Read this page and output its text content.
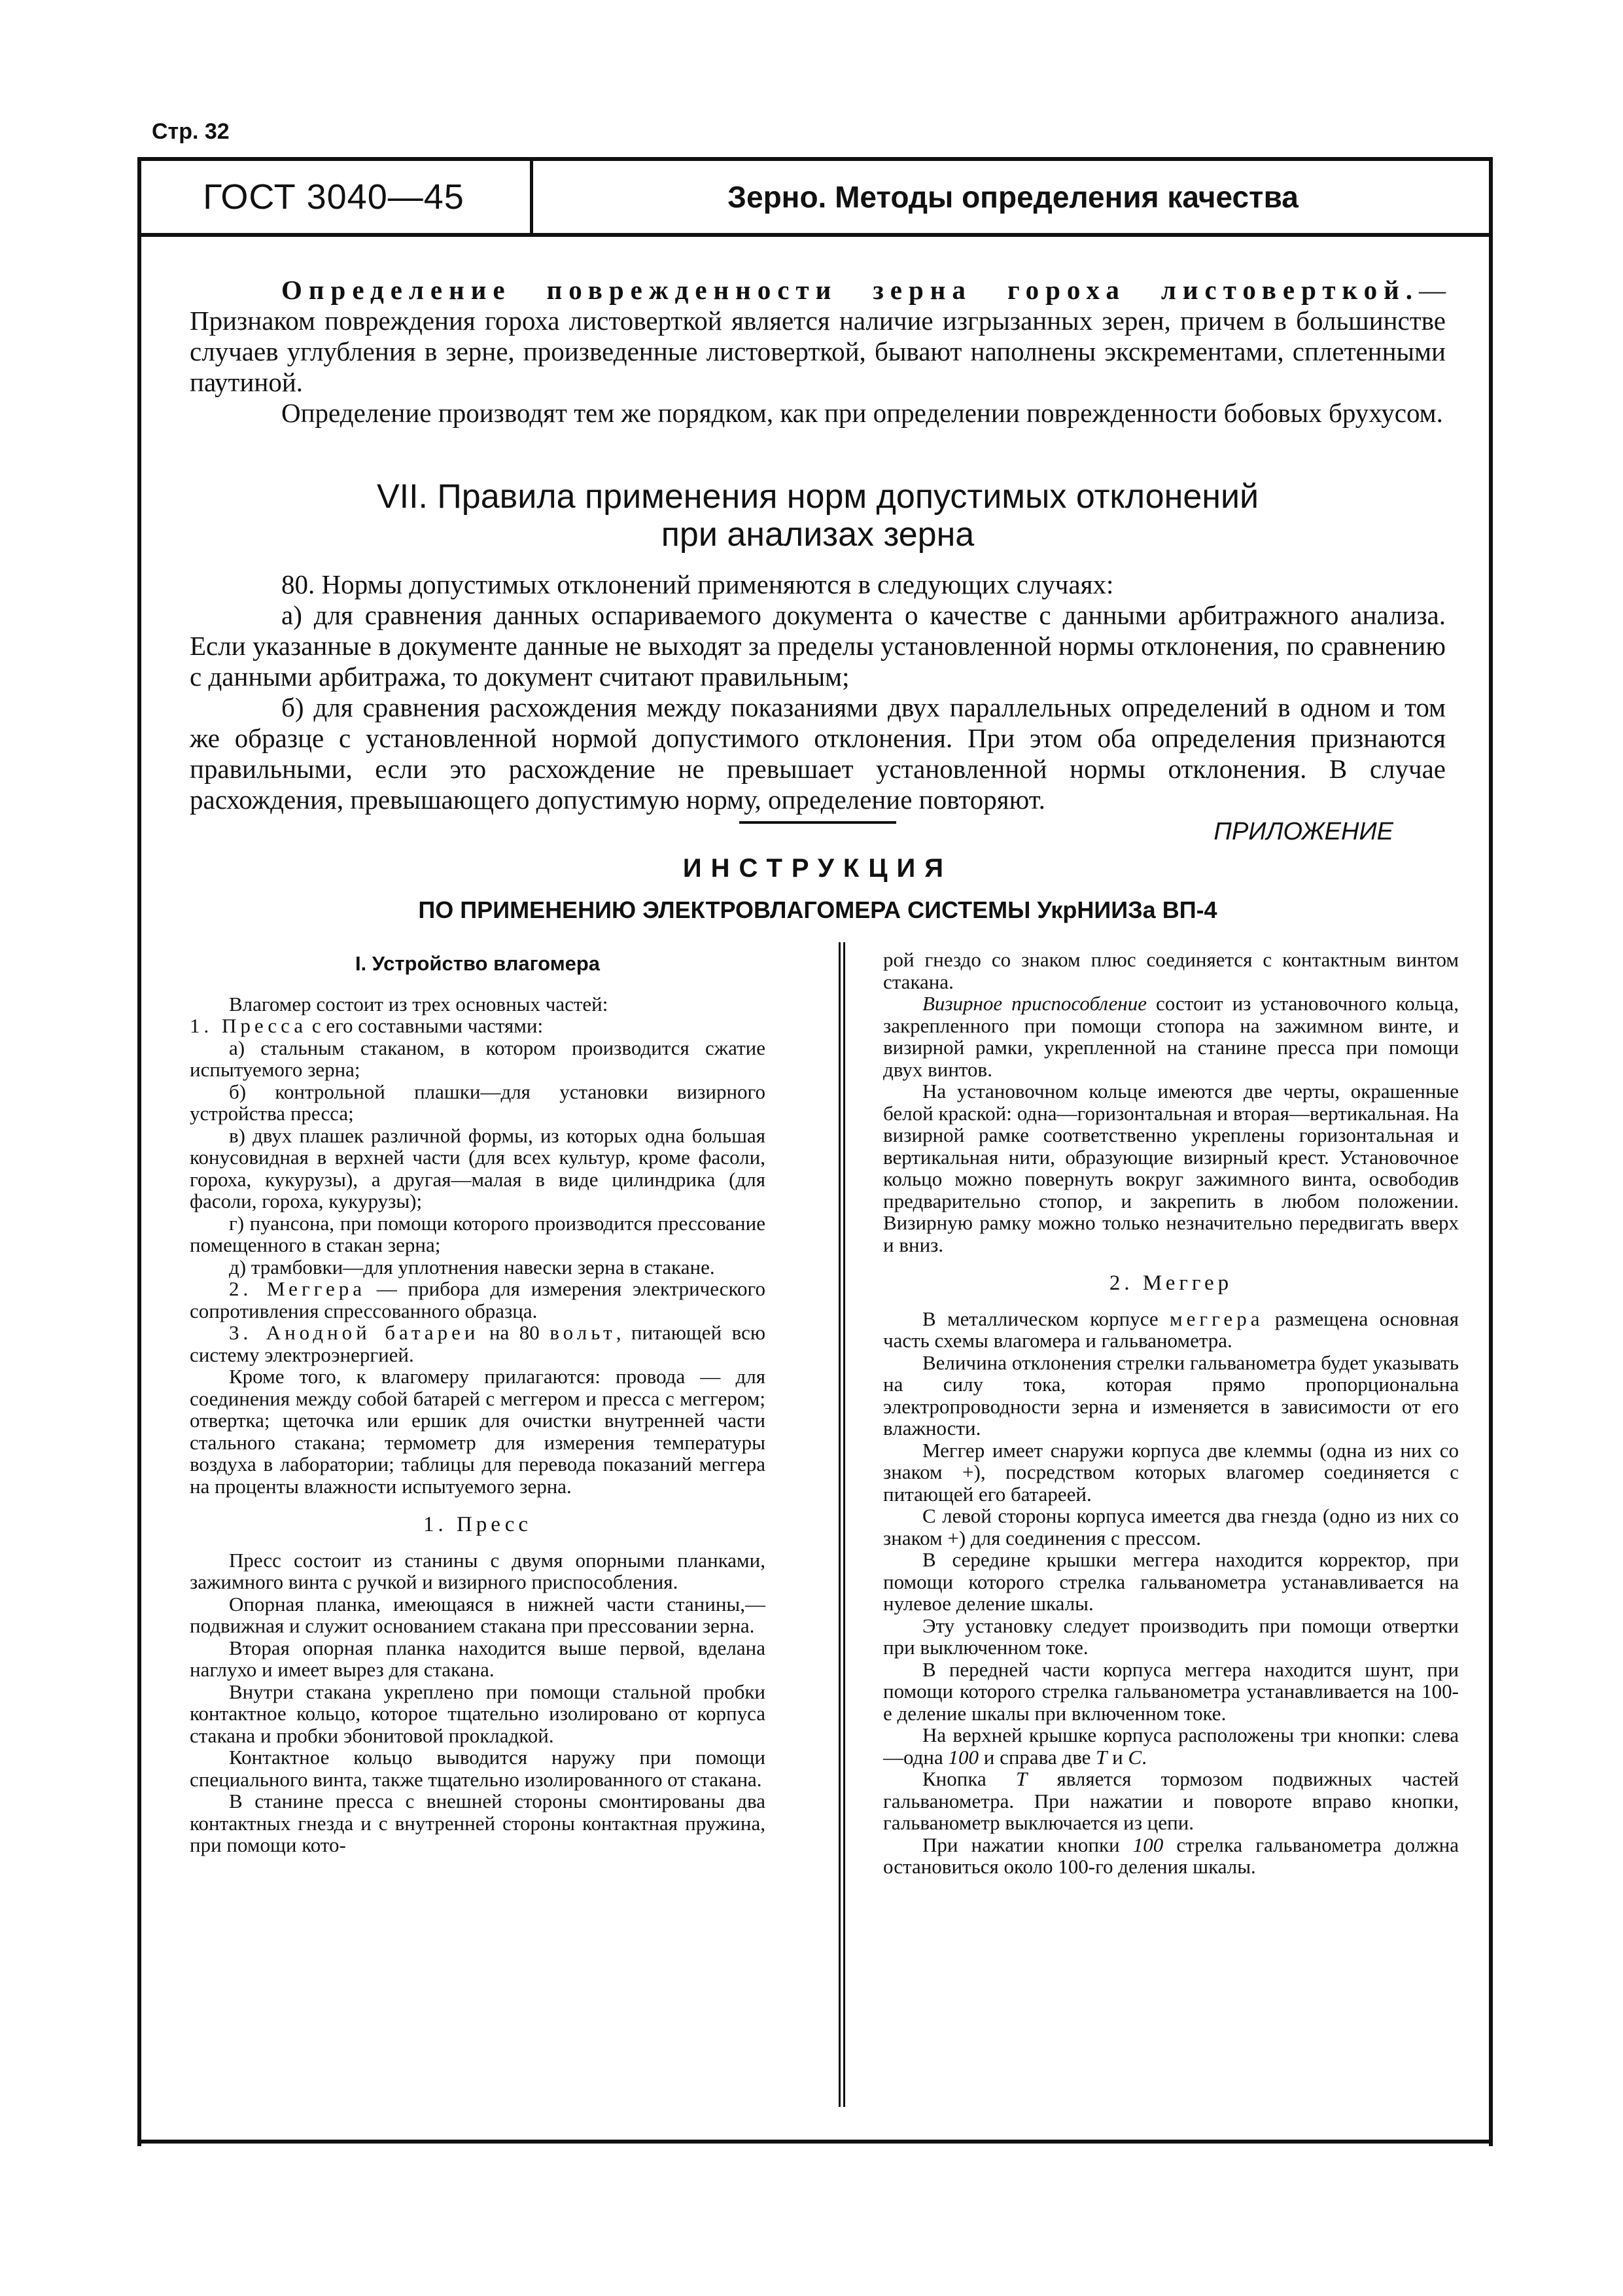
Стр. 32
ГОСТ 3040—45	Зерно. Методы определения качества

Определение поврежденности зерна гороха листоверткой.— Признаком повреждения гороха листоверткой является наличие изгрызанных зерен, причем в большинстве случаев углубления в зерне, произведенные листоверткой, бывают наполнены экскрементами, сплетенными паутиной.

Определение производят тем же порядком, как при определении поврежденности бобовых брухусом.

VII. Правила применения норм допустимых отклонений
при анализах зерна

80. Нормы допустимых отклонений применяются в следующих случаях:

а) для сравнения данных оспариваемого документа о качестве с данными арбитражного анализа. Если указанные в документе данные не выходят за пределы установленной нормы отклонения, по сравнению с данными арбитража, то документ считают правильным;

б) для сравнения расхождения между показаниями двух параллельных определений в одном и том же образце с установленной нормой допустимого отклонения. При этом оба определения признаются правильными, если это расхождение не превышает установленной нормы отклонения. В случае расхождения, превышающего допустимую норму, определение повторяют.

ПРИЛОЖЕНИЕ
ИНСТРУКЦИЯ
ПО ПРИМЕНЕНИЮ ЭЛЕКТРОВЛАГОМЕРА СИСТЕМЫ УкрНИИЗа ВП-4
I. Устройство влагомера

Влагомер состоит из трех основных частей:

1. Пресса с его составными частями:

а) стальным стаканом, в котором производится сжатие испытуемого зерна;

б) контрольной плашки—для установки визирного устройства пресса;

в) двух плашек различной формы, из которых одна большая конусовидная в верхней части (для всех культур, кроме фасоли, гороха, кукурузы), а другая—малая в виде цилиндрика (для фасоли, гороха, кукурузы);

г) пуансона, при помощи которого производится прессование помещенного в стакан зерна;

д) трамбовки—для уплотнения навески зерна в стакане.

2. Меггера — прибора для измерения электрического сопротивления спрессованного образца.

3. Анодной батареи на 80 вольт, питающей всю систему электроэнергией.

Кроме того, к влагомеру прилагаются: провода — для соединения между собой батарей с меггером и пресса с меггером; отвертка; щеточка или ершик для очистки внутренней части стального стакана; термометр для измерения температуры воздуха в лаборатории; таблицы для перевода показаний меггера на проценты влажности испытуемого зерна.

1. Пресс

Пресс состоит из станины с двумя опорными планками, зажимного винта с ручкой и визирного приспособления.

Опорная планка, имеющаяся в нижней части станины,—подвижная и служит основанием стакана при прессовании зерна.

Вторая опорная планка находится выше первой, вделана наглухо и имеет вырез для стакана.

Внутри стакана укреплено при помощи стальной пробки контактное кольцо, которое тщательно изолировано от корпуса стакана и пробки эбонитовой прокладкой.

Контактное кольцо выводится наружу при помощи специального винта, также тщательно изолированного от стакана.

В станине пресса с внешней стороны смонтированы два контактных гнезда и с внутренней стороны контактная пружина, при помощи кото-

рой гнездо со знаком плюс соединяется с контактным винтом стакана.

Визирное приспособление состоит из установочного кольца, закрепленного при помощи стопора на зажимном винте, и визирной рамки, укрепленной на станине пресса при помощи двух винтов.

На установочном кольце имеются две черты, окрашенные белой краской: одна—горизонтальная и вторая—вертикальная. На визирной рамке соответственно укреплены горизонтальная и вертикальная нити, образующие визирный крест. Установочное кольцо можно повернуть вокруг зажимного винта, освободив предварительно стопор, и закрепить в любом положении. Визирную рамку можно только незначительно передвигать вверх и вниз.

2. Меггер

В металлическом корпусе меггера размещена основная часть схемы влагомера и гальванометра.

Величина отклонения стрелки гальванометра будет указывать на силу тока, которая прямо пропорциональна электропроводности зерна и изменяется в зависимости от его влажности.

Меггер имеет снаружи корпуса две клеммы (одна из них со знаком +), посредством которых влагомер соединяется с питающей его батареей.

С левой стороны корпуса имеется два гнезда (одно из них со знаком +) для соединения с прессом.

В середине крышки меггера находится корректор, при помощи которого стрелка гальванометра устанавливается на нулевое деление шкалы.

Эту установку следует производить при помощи отвертки при выключенном токе.

В передней части корпуса меггера находится шунт, при помощи которого стрелка гальванометра устанавливается на 100-е деление шкалы при включенном токе.

На верхней крышке корпуса расположены три кнопки: слева—одна 100 и справа две Т и С.

Кнопка Т является тормозом подвижных частей гальванометра. При нажатии и повороте вправо кнопки, гальванометр выключается из цепи.

При нажатии кнопки 100 стрелка гальванометра должна остановиться около 100-го деления шкалы.
